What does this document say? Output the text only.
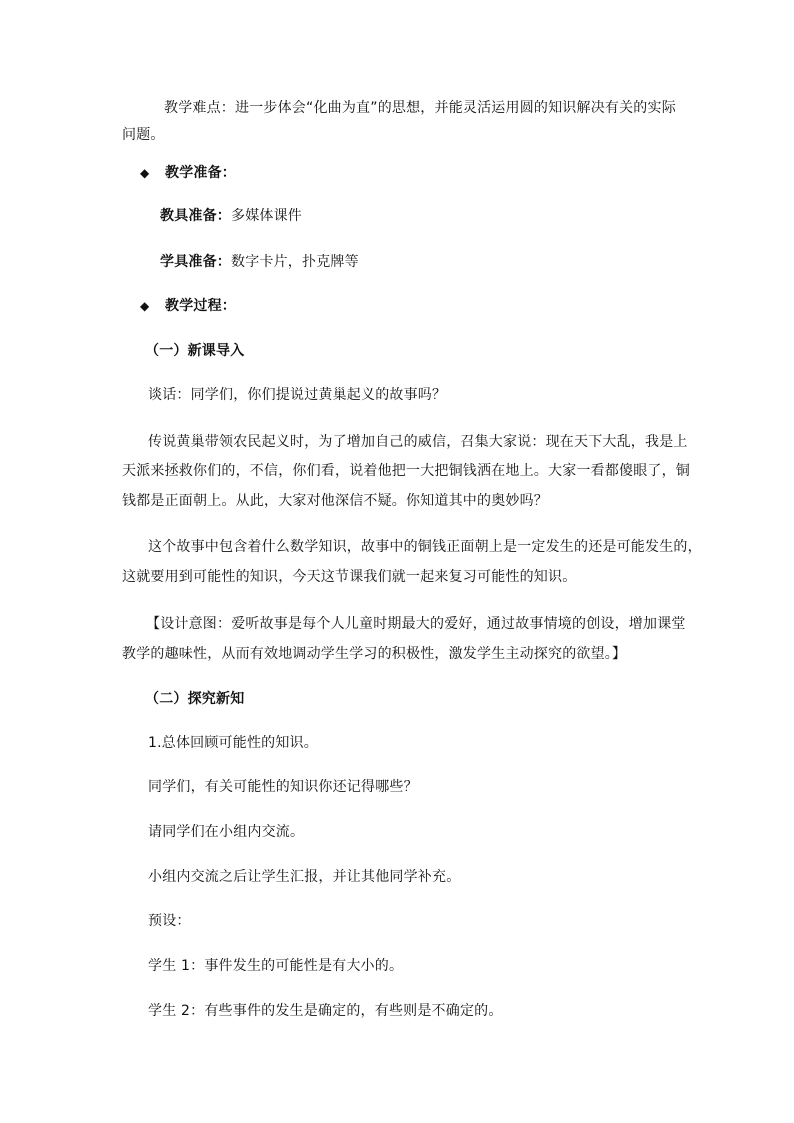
教学难点：进一步体会“化曲为直”的思想，并能灵活运用圆的知识解决有关的实际
问题。
◆ 教学准备：
教具准备：多媒体课件
学具准备：数字卡片，扑克牌等
◆ 教学过程：
（一）新课导入
谈话：同学们，你们提说过黄巢起义的故事吗？
传说黄巢带领农民起义时，为了增加自己的威信，召集大家说：现在天下大乱，我是上
天派来拯救你们的，不信，你们看，说着他把一大把铜钱洒在地上。大家一看都傻眼了，铜
钱都是正面朝上。从此，大家对他深信不疑。你知道其中的奥妙吗？
这个故事中包含着什么数学知识，故事中的铜钱正面朝上是一定发生的还是可能发生的，
这就要用到可能性的知识，今天这节课我们就一起来复习可能性的知识。
【设计意图：爱听故事是每个人儿童时期最大的爱好，通过故事情境的创设，增加课堂
教学的趣味性，从而有效地调动学生学习的积极性，激发学生主动探究的欲望。】
（二）探究新知
1.总体回顾可能性的知识。
同学们，有关可能性的知识你还记得哪些？
请同学们在小组内交流。
小组内交流之后让学生汇报，并让其他同学补充。
预设：
学生 1：事件发生的可能性是有大小的。
学生 2：有些事件的发生是确定的，有些则是不确定的。
